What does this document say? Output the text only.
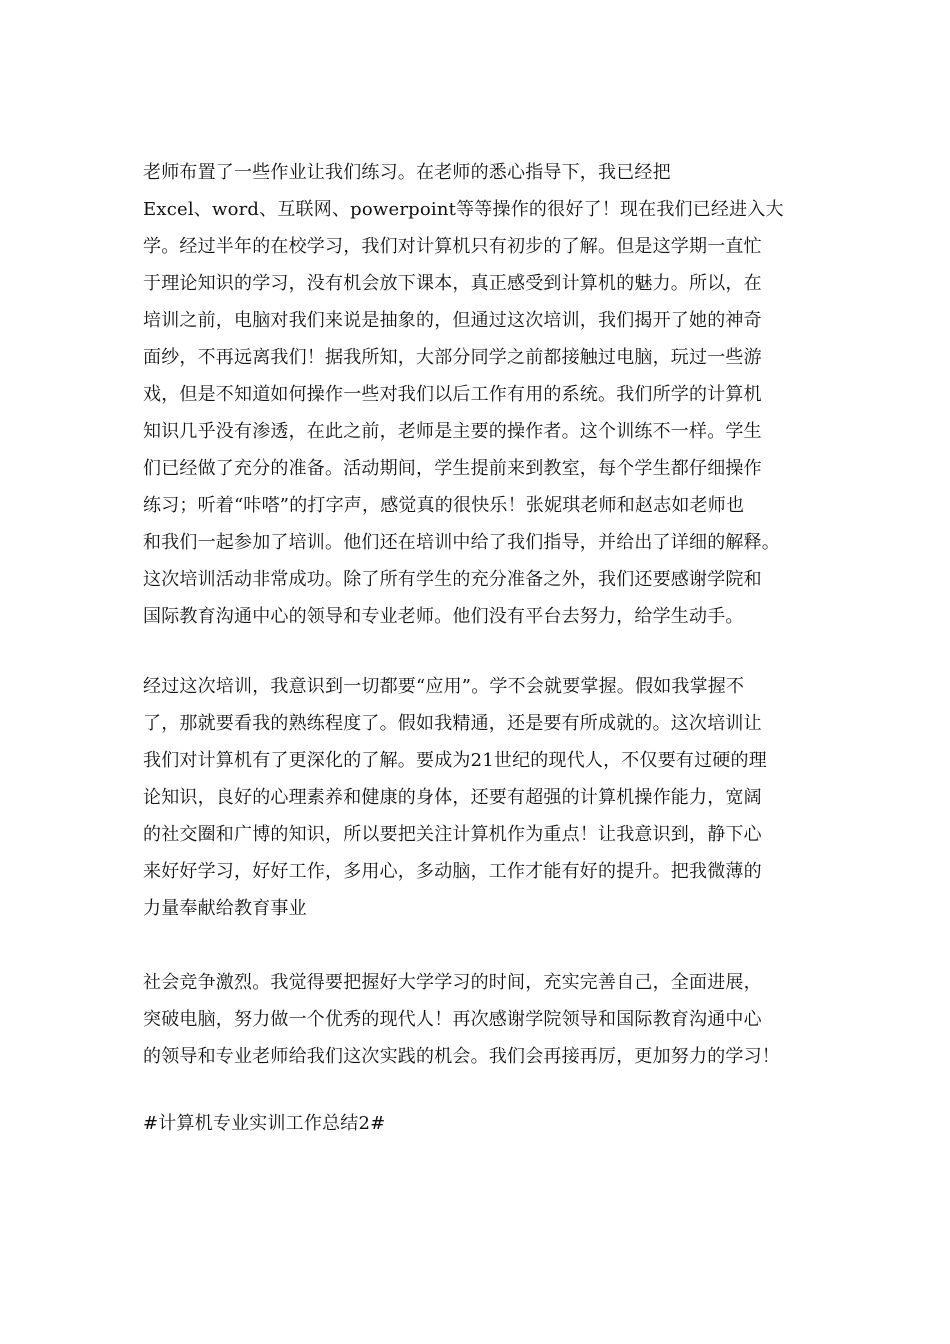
老师布置了一些作业让我们练习。在老师的悉心指导下，我已经把
Excel、word、互联网、powerpoint等等操作的很好了！现在我们已经进入大
学。经过半年的在校学习，我们对计算机只有初步的了解。但是这学期一直忙
于理论知识的学习，没有机会放下课本，真正感受到计算机的魅力。所以，在
培训之前，电脑对我们来说是抽象的，但通过这次培训，我们揭开了她的神奇
面纱，不再远离我们！据我所知，大部分同学之前都接触过电脑，玩过一些游
戏，但是不知道如何操作一些对我们以后工作有用的系统。我们所学的计算机
知识几乎没有渗透，在此之前，老师是主要的操作者。这个训练不一样。学生
们已经做了充分的准备。活动期间，学生提前来到教室，每个学生都仔细操作
练习；听着“咔嗒”的打字声，感觉真的很快乐！张妮琪老师和赵志如老师也
和我们一起参加了培训。他们还在培训中给了我们指导，并给出了详细的解释。
这次培训活动非常成功。除了所有学生的充分准备之外，我们还要感谢学院和
国际教育沟通中心的领导和专业老师。他们没有平台去努力，给学生动手。
经过这次培训，我意识到一切都要“应用”。学不会就要掌握。假如我掌握不
了，那就要看我的熟练程度了。假如我精通，还是要有所成就的。这次培训让
我们对计算机有了更深化的了解。要成为21世纪的现代人，不仅要有过硬的理
论知识，良好的心理素养和健康的身体，还要有超强的计算机操作能力，宽阔
的社交圈和广博的知识，所以要把关注计算机作为重点！让我意识到，静下心
来好好学习，好好工作，多用心，多动脑，工作才能有好的提升。把我微薄的
力量奉献给教育事业
社会竞争激烈。我觉得要把握好大学学习的时间，充实完善自己，全面进展，
突破电脑，努力做一个优秀的现代人！再次感谢学院领导和国际教育沟通中心
的领导和专业老师给我们这次实践的机会。我们会再接再厉，更加努力的学习！
#计算机专业实训工作总结2#
